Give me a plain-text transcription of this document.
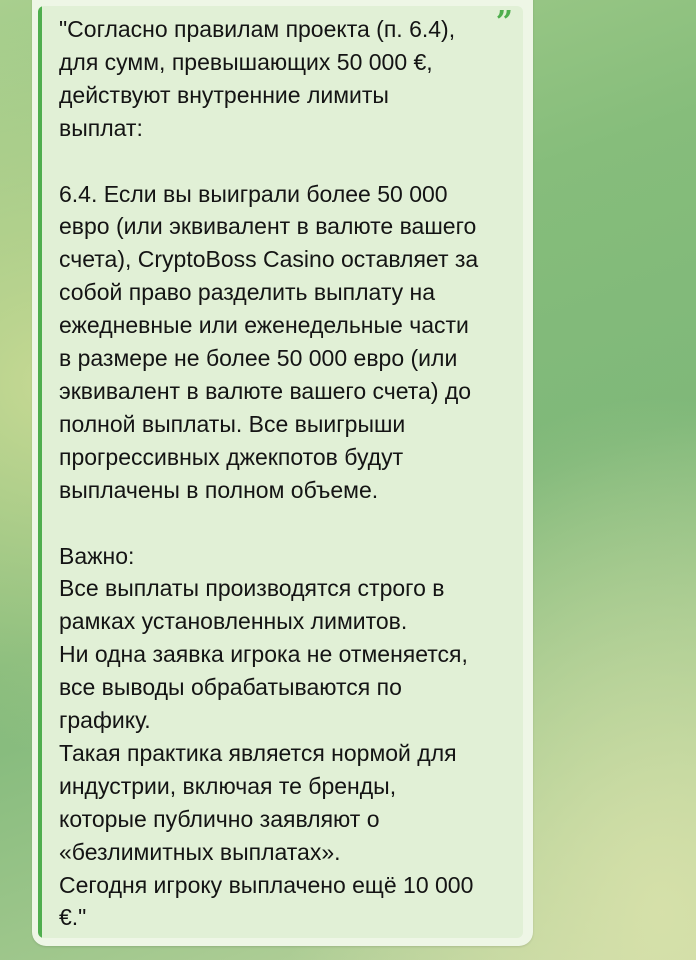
”

"Согласно правилам проекта (п. 6.4),
для сумм, превышающих 50 000 €,
действуют внутренние лимиты
выплат:

6.4. Если вы выиграли более 50 000
евро (или эквивалент в валюте вашего
счета), CryptoBoss Casino оставляет за
собой право разделить выплату на
ежедневные или еженедельные части
в размере не более 50 000 евро (или
эквивалент в валюте вашего счета) до
полной выплаты. Все выигрыши
прогрессивных джекпотов будут
выплачены в полном объеме.

Важно:
Все выплаты производятся строго в
рамках установленных лимитов.
Ни одна заявка игрока не отменяется,
все выводы обрабатываются по
графику.
Такая практика является нормой для
индустрии, включая те бренды,
которые публично заявляют о
«безлимитных выплатах».
Сегодня игроку выплачено ещё 10 000
€."
